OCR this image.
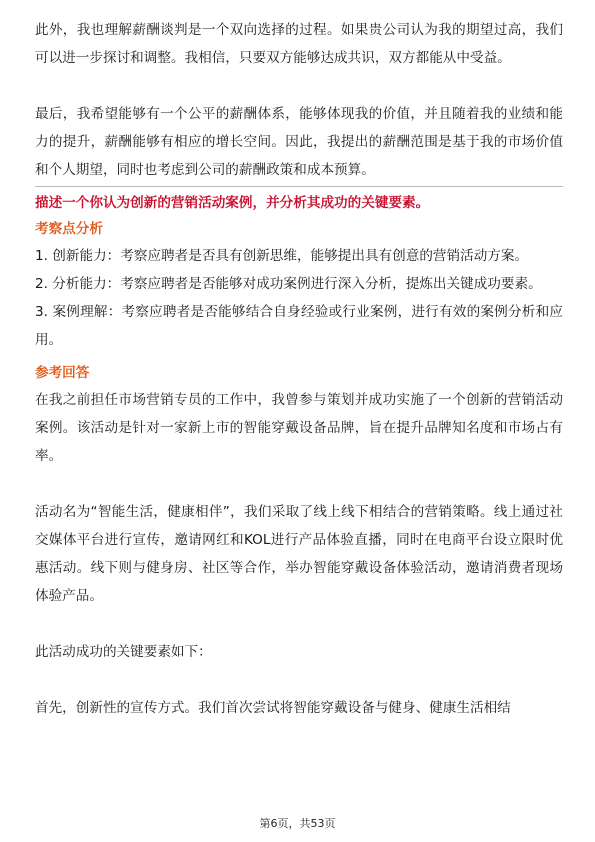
此外，我也理解薪酬谈判是一个双向选择的过程。如果贵公司认为我的期望过高，我们可以进一步探讨和调整。我相信，只要双方能够达成共识，双方都能从中受益。

最后，我希望能够有一个公平的薪酬体系，能够体现我的价值，并且随着我的业绩和能力的提升，薪酬能够有相应的增长空间。因此，我提出的薪酬范围是基于我的市场价值和个人期望，同时也考虑到公司的薪酬政策和成本预算。

描述一个你认为创新的营销活动案例，并分析其成功的关键要素。

考察点分析

1. 创新能力：考察应聘者是否具有创新思维，能够提出具有创意的营销活动方案。

2. 分析能力：考察应聘者是否能够对成功案例进行深入分析，提炼出关键成功要素。

3. 案例理解：考察应聘者是否能够结合自身经验或行业案例，进行有效的案例分析和应用。

参考回答

在我之前担任市场营销专员的工作中，我曾参与策划并成功实施了一个创新的营销活动案例。该活动是针对一家新上市的智能穿戴设备品牌，旨在提升品牌知名度和市场占有率。

活动名为“智能生活，健康相伴”，我们采取了线上线下相结合的营销策略。线上通过社交媒体平台进行宣传，邀请网红和KOL进行产品体验直播，同时在电商平台设立限时优惠活动。线下则与健身房、社区等合作，举办智能穿戴设备体验活动，邀请消费者现场体验产品。

此活动成功的关键要素如下：

首先，创新性的宣传方式。我们首次尝试将智能穿戴设备与健身、健康生活相结

第6页，共53页
